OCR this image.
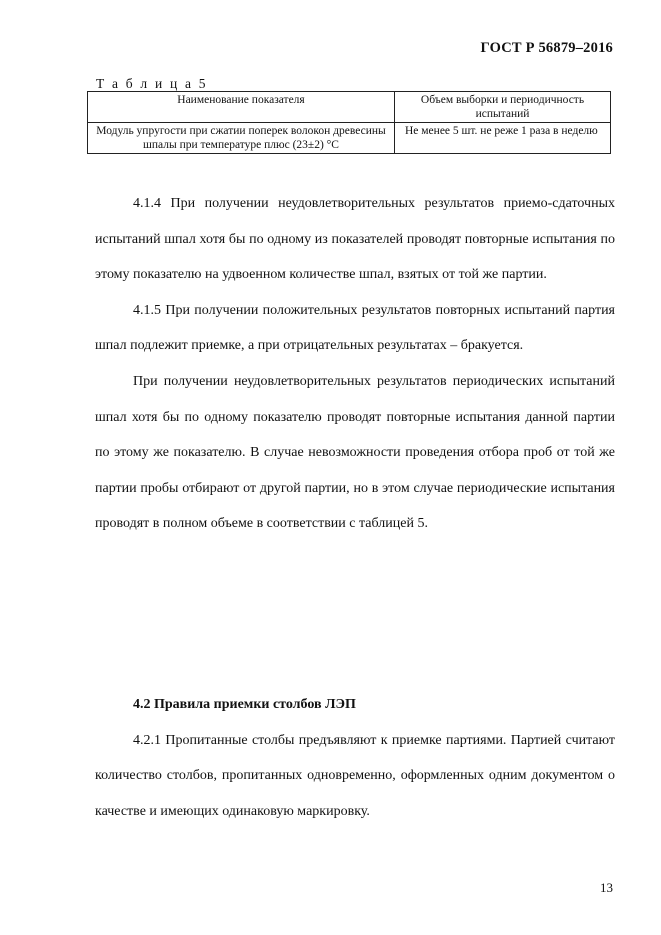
ГОСТ Р 56879–2016
Т а б л и ц а 5
Наименование показателя	Объем выборки и периодичность испытаний
Модуль упругости при сжатии поперек волокон древесины шпалы при температуре плюс (23±2) °С	Не менее 5 шт. не реже 1 раза в неделю

4.1.4 При получении неудовлетворительных результатов приемо-сдаточных испытаний шпал хотя бы по одному из показателей проводят повторные испытания по этому показателю на удвоенном количестве шпал, взятых от той же партии.

4.1.5 При получении положительных результатов повторных испытаний партия шпал подлежит приемке, а при отрицательных результатах – бракуется.

При получении неудовлетворительных результатов периодических испытаний шпал хотя бы по одному показателю проводят повторные испытания данной партии по этому же показателю. В случае невозможности проведения отбора проб от той же партии пробы отбирают от другой партии, но в этом случае периодические испытания проводят в полном объеме в соответствии с таблицей 5.

4.2 Правила приемки столбов ЛЭП

4.2.1 Пропитанные столбы предъявляют к приемке партиями. Партией считают количество столбов, пропитанных одновременно, оформленных одним документом о качестве и имеющих одинаковую маркировку.

13
